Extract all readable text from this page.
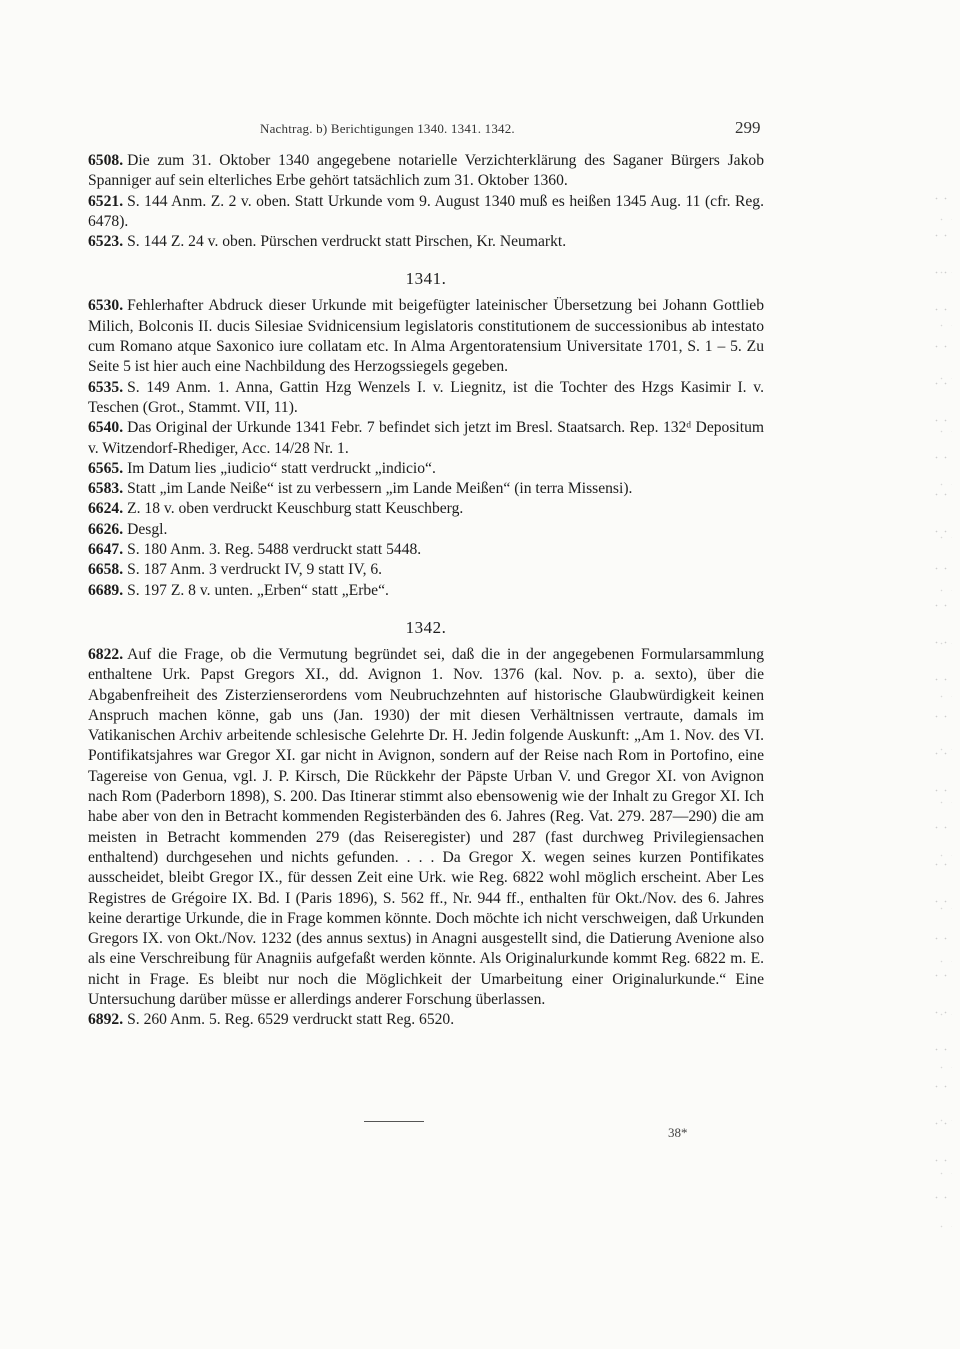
Nachtrag. b) Berichtigungen 1340. 1341. 1342.	299

6508. Die zum 31. Oktober 1340 angegebene notarielle Verzichterklärung des Saganer Bürgers Jakob Spanniger auf sein elterliches Erbe gehört tatsächlich zum 31. Oktober 1360.

6521. S. 144 Anm. Z. 2 v. oben. Statt Urkunde vom 9. August 1340 muß es heißen 1345 Aug. 11 (cfr. Reg. 6478).

6523. S. 144 Z. 24 v. oben. Pürschen verdruckt statt Pirschen, Kr. Neumarkt.

1341.

6530. Fehlerhafter Abdruck dieser Urkunde mit beigefügter lateinischer Übersetzung bei Johann Gottlieb Milich, Bolconis II. ducis Silesiae Svidnicensium legislatoris constitutionem de successionibus ab intestato cum Romano atque Saxonico iure collatam etc. In Alma Argentoratensium Universitate 1701, S. 1 – 5. Zu Seite 5 ist hier auch eine Nachbildung des Herzogssiegels gegeben.

6535. S. 149 Anm. 1. Anna, Gattin Hzg Wenzels I. v. Liegnitz, ist die Tochter des Hzgs Kasimir I. v. Teschen (Grot., Stammt. VII, 11).

6540. Das Original der Urkunde 1341 Febr. 7 befindet sich jetzt im Bresl. Staatsarch. Rep. 132ᵈ Depositum v. Witzendorf-Rhediger, Acc. 14/28 Nr. 1.

6565. Im Datum lies „iudicio“ statt verdruckt „indicio“.

6583. Statt „im Lande Neiße“ ist zu verbessern „im Lande Meißen“ (in terra Missensi).

6624. Z. 18 v. oben verdruckt Keuschburg statt Keuschberg.

6626. Desgl.

6647. S. 180 Anm. 3. Reg. 5488 verdruckt statt 5448.

6658. S. 187 Anm. 3 verdruckt IV, 9 statt IV, 6.

6689. S. 197 Z. 8 v. unten. „Erben“ statt „Erbe“.

1342.

6822. Auf die Frage, ob die Vermutung begründet sei, daß die in der angegebenen Formularsammlung enthaltene Urk. Papst Gregors XI., dd. Avignon 1. Nov. 1376 (kal. Nov. p. a. sexto), über die Abgabenfreiheit des Zisterzienserordens vom Neubruchzehnten auf historische Glaubwürdigkeit keinen Anspruch machen könne, gab uns (Jan. 1930) der mit diesen Verhältnissen vertraute, damals im Vatikanischen Archiv arbeitende schlesische Gelehrte Dr. H. Jedin folgende Auskunft: „Am 1. Nov. des VI. Pontifikatsjahres war Gregor XI. gar nicht in Avignon, sondern auf der Reise nach Rom in Portofino, eine Tagereise von Genua, vgl. J. P. Kirsch, Die Rückkehr der Päpste Urban V. und Gregor XI. von Avignon nach Rom (Paderborn 1898), S. 200. Das Itinerar stimmt also ebensowenig wie der Inhalt zu Gregor XI. Ich habe aber von den in Betracht kommenden Registerbänden des 6. Jahres (Reg. Vat. 279. 287—290) die am meisten in Betracht kommenden 279 (das Reiseregister) und 287 (fast durchweg Privilegiensachen enthaltend) durchgesehen und nichts gefunden. . . . Da Gregor X. wegen seines kurzen Pontifikates ausscheidet, bleibt Gregor IX., für dessen Zeit eine Urk. wie Reg. 6822 wohl möglich erscheint. Aber Les Registres de Grégoire IX. Bd. I (Paris 1896), S. 562 ff., Nr. 944 ff., enthalten für Okt./Nov. des 6. Jahres keine derartige Urkunde, die in Frage kommen könnte. Doch möchte ich nicht verschweigen, daß Urkunden Gregors IX. von Okt./Nov. 1232 (des annus sextus) in Anagni ausgestellt sind, die Datierung Avenione also als eine Verschreibung für Anagniis aufgefaßt werden könnte. Als Originalurkunde kommt Reg. 6822 m. E. nicht in Frage. Es bleibt nur noch die Möglichkeit der Umarbeitung einer Originalurkunde.“ Eine Untersuchung darüber müsse er allerdings anderer Forschung überlassen.

6892. S. 260 Anm. 5. Reg. 6529 verdruckt statt Reg. 6520.

38*
